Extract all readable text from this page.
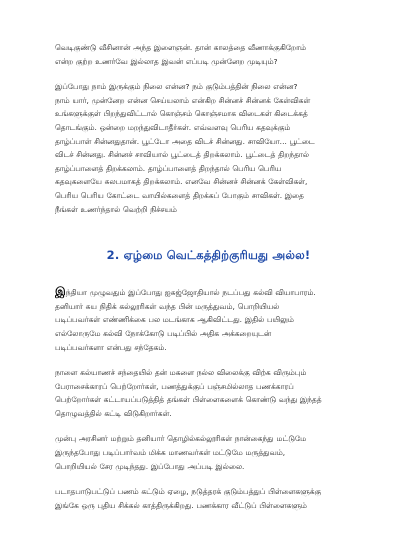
வெடிகுண்டு வீசினான் அந்த இளைஞன். தான் காலத்தை வீணாக்குகிறோம்
என்ற குற்ற உணர்வே இல்லாத இவன் எப்படி முன்னேற முடியும்?

இப்போது நாம் இருக்கும் நிலை என்ன? நம் குடும்பத்தின் நிலை என்ன?
நாம் யார், முன்னேற என்ன செய்யலாம் என்கிற சின்னச் சின்னக் கேள்விகள்
உங்களுக்குள் பிறந்துவிட்டால் கொஞ்சம் கொஞ்சமாக விடைகள் கிடைக்கத்
தொடங்கும். ஒன்றை மறந்துவிடாதீர்கள். எவ்வளவு பெரிய கதவுக்கும்
தாழ்ப்பாள் சின்னதுதான். பூட்டோ அதை விடச் சின்னது. சாவியோ... பூட்டை
விடச் சின்னது. சின்னச் சாவியால் பூட்டைத் திறக்கலாம். பூட்டைத் திறந்தால்
தாழ்ப்பாளைத் திறக்கலாம். தாழ்ப்பாளைத் திறந்தால் பெரிய பெரிய
கதவுகளையே சுலபமாகத் திறக்கலாம். எனவே சின்னச் சின்னக் கேள்விகள்,
பெரிய பெரிய கோட்டை வாயில்களைத் திறக்கப் போகும் சாவிகள். இதை
நீங்கள் உணர்ந்தால் வெற்றி நிச்சயம்

2. ஏழ்மை வெட்கத்திற்குரியது அல்ல!

இந்தியா முழுவதும் இப்போது ஐசுஜ்ஜோதியால் நடப்பது கல்வி வியாபாரம்.
தனியார் சுய நிதிக் கல்லூரிகள் வந்த பின் மருத்துவம், பொறியியல்
படிப்பவர்கள் எண்ணிக்கை பல மடங்காக ஆகிவிட்டது. இதில் பயிலும்
எல்லோருமே கல்வி நோக்கோடு படிப்பில் அதிக அக்கறையுடன்
படிப்பவர்களா என்பது சந்தேகம்.

நாளை கல்யாணச் சந்தையில் தன் மகளை நல்ல விலைக்கு விற்க விரும்பும்
பேராசைக்காரப் பெற்றோர்கள், பணத்துக்குப் பஞ்சமில்லாத பணக்காரப்
பெற்றோர்கள் கட்டாயப்படுத்தித் தங்கள் பிள்ளைகளைக் கொண்டு வந்து இந்தத்
தொழுவத்தில் கட்டி விடுகிறார்கள்.

முன்பு அரசினர் மற்றும் தனியார் தொழில்கல்லூரிகள் நான்கைந்து மட்டுமே
இருந்தபோது படிப்பார்வம் மிக்க மாணவர்கள் மட்டுமே மருத்துவம்,
பொறியியல் சேர முடிந்தது. இப்போது அப்படி இல்லை.

படாதபாடுபட்டுப் பணம் கட்டும் ஏழை, நடுத்தரக் குடும்பத்துப் பிள்ளைகளுக்கு
இங்கே ஒரு புதிய சிக்கல் காத்திருக்கிறது. பணக்கார வீட்டுப் பிள்ளைகளும்
